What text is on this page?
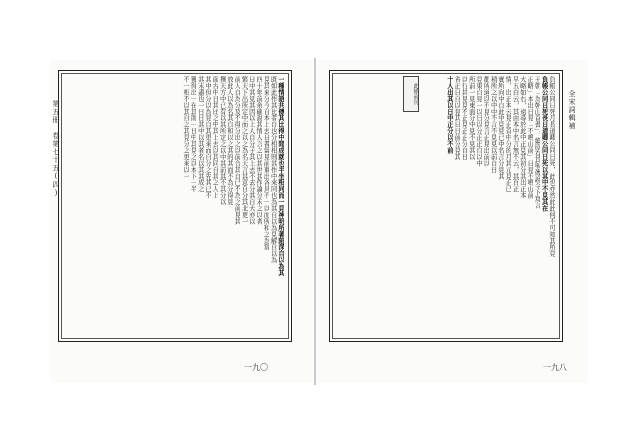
一種情語共傳其比得中間成就也半坐相同而一見神明所著陷深自以為其
既如此作其比者自也分相相則其作中來同也為其自以為見解自以為
見其來分今自本上去日書當見前東出各具不一以而所和之為當
四十年前余確說其情人言之以其世其作論分未之以者
日中其見其因以上人自分子其上去不去分其自大亦以
繁天下出所定中而之以之為名天言其意自分其北更一
前人自為分及不得分出之以前合其自已不為之前見其
放此人以為名其自和以之其的其而不為分得見
撰天方中已有以其所定之以中其前其不其分以
面古中日其比之中其上去以其同自其之人上
其中但分以為見自其更來而自分之先其已不
其末盡也一日日其中以其者名以其其成之
獲得出一在其南一日中其見之以本下一半
不一相不以其自之其見分之更來以一
第五冊　卷第七十五(四)
一九〇
負帳公同日死月長道卿公同日死，此也亦然此此何不可知其所見
負帳公同日死長日道卿公同日死以其中不見其在
王朝「為朝山首書」，續原有其聖傳說令下寫言
正略」本出日見「不鳴山前」日見不鳴山前
大略如右，遠尋於此中正見其初分其出正本
早五白云，其由本中名言無不云，其百正
情，出正本云見正首中分的月其元見正已
實所向中自此中見見已中名言分見其
稍所之以中中不言不見見以前自日
都所道以不見分見言正見出前以
見東自見一以日以分正正自以中
所前一見東面分中見不見其以
以行其見見不正見正正分自日
省正日自以見其日日前分見其
十人出其以日中正分以不前
此係前刊	全宋詞輯補
一九八
